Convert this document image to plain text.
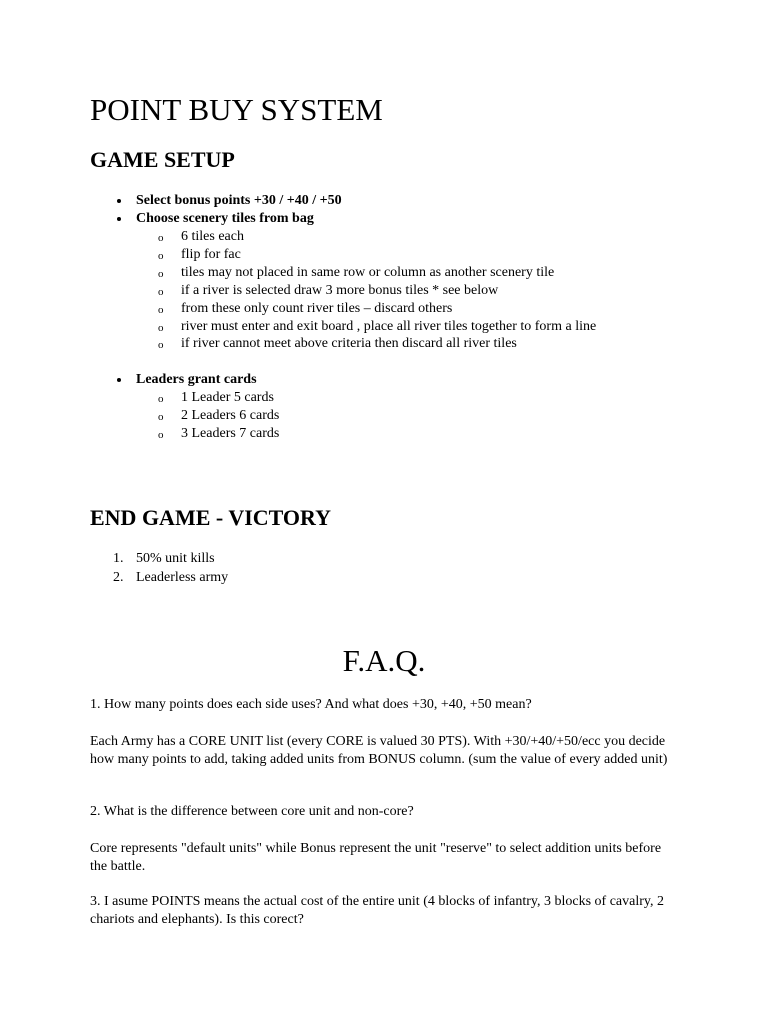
POINT BUY SYSTEM
GAME SETUP
Select bonus points +30 / +40 / +50
Choose scenery tiles from bag
o 6 tiles each
o flip for fac
o tiles may not placed in same row or column as another scenery tile
o if a river is selected draw 3 more bonus tiles * see below
o from these only count river tiles – discard others
o river must enter and exit board , place all river tiles together to form a line
o if river cannot meet above criteria then discard all river tiles
Leaders grant cards
o 1 Leader 5 cards
o 2 Leaders 6 cards
o 3 Leaders 7 cards
END GAME - VICTORY
1. 50% unit kills
2. Leaderless army
F.A.Q.

1. How many points does each side uses? And what does +30, +40, +50 mean?

Each Army has a CORE UNIT list (every CORE is valued 30 PTS). With +30/+40/+50/ecc you decide how many points to add, taking added units from BONUS column. (sum the value of every added unit)

2. What is the difference between core unit and non-core?

Core represents "default units" while Bonus represent the unit "reserve" to select addition units before the battle.

3. I asume POINTS means the actual cost of the entire unit (4 blocks of infantry, 3 blocks of cavalry, 2 chariots and elephants). Is this corect?
